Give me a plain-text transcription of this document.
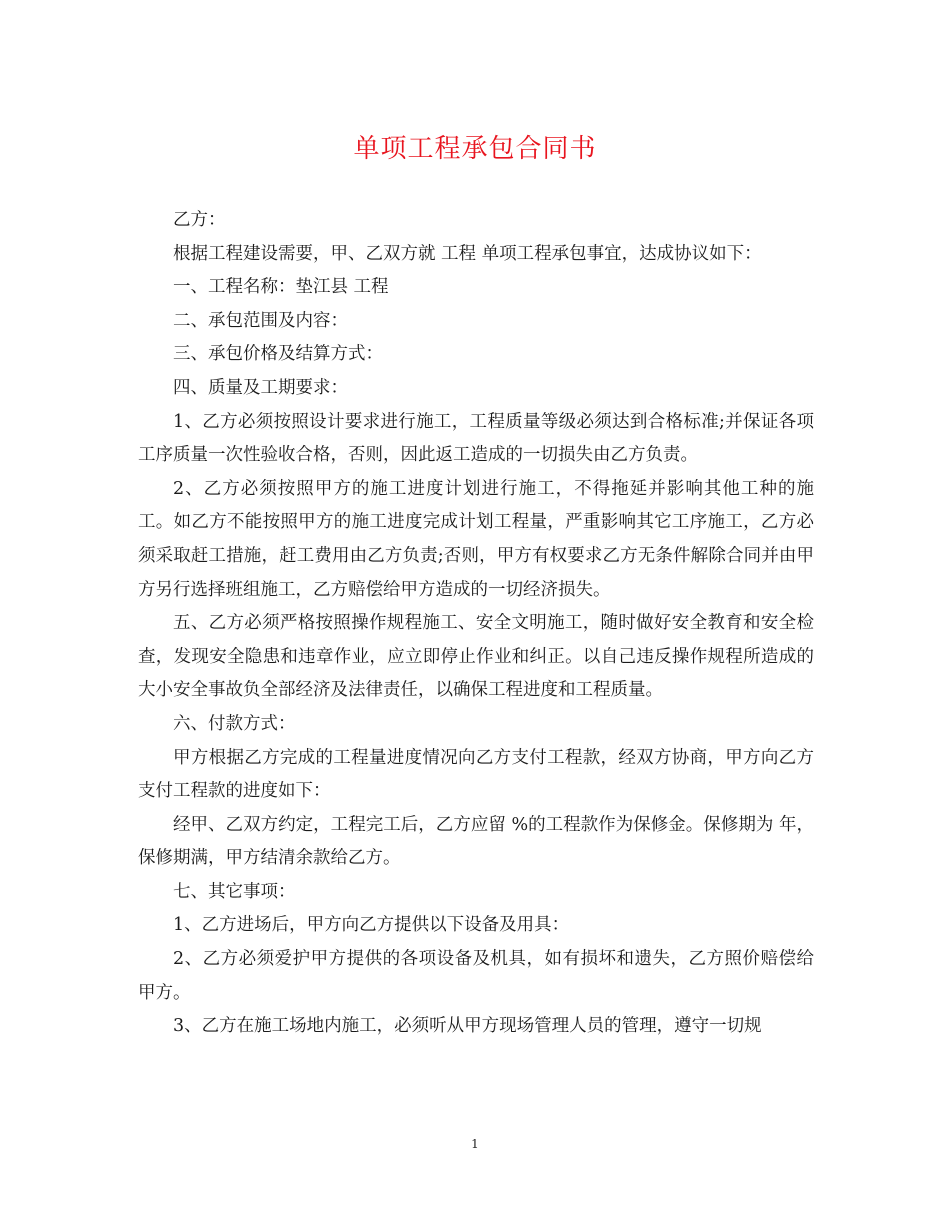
单项工程承包合同书

乙方：

根据工程建设需要，甲、乙双方就 工程 单项工程承包事宜，达成协议如下：

一、工程名称：垫江县 工程

二、承包范围及内容：

三、承包价格及结算方式：

四、质量及工期要求：

1、乙方必须按照设计要求进行施工，工程质量等级必须达到合格标准;并保证各项工序质量一次性验收合格，否则，因此返工造成的一切损失由乙方负责。

2、乙方必须按照甲方的施工进度计划进行施工，不得拖延并影响其他工种的施工。如乙方不能按照甲方的施工进度完成计划工程量，严重影响其它工序施工，乙方必须采取赶工措施，赶工费用由乙方负责;否则，甲方有权要求乙方无条件解除合同并由甲方另行选择班组施工，乙方赔偿给甲方造成的一切经济损失。

五、乙方必须严格按照操作规程施工、安全文明施工，随时做好安全教育和安全检查，发现安全隐患和违章作业，应立即停止作业和纠正。以自己违反操作规程所造成的大小安全事故负全部经济及法律责任，以确保工程进度和工程质量。

六、付款方式：

甲方根据乙方完成的工程量进度情况向乙方支付工程款，经双方协商，甲方向乙方支付工程款的进度如下：

经甲、乙双方约定，工程完工后，乙方应留 %的工程款作为保修金。保修期为 年，保修期满，甲方结清余款给乙方。

七、其它事项：

1、乙方进场后，甲方向乙方提供以下设备及用具：

2、乙方必须爱护甲方提供的各项设备及机具，如有损坏和遗失，乙方照价赔偿给甲方。

3、乙方在施工场地内施工，必须听从甲方现场管理人员的管理，遵守一切规

1
